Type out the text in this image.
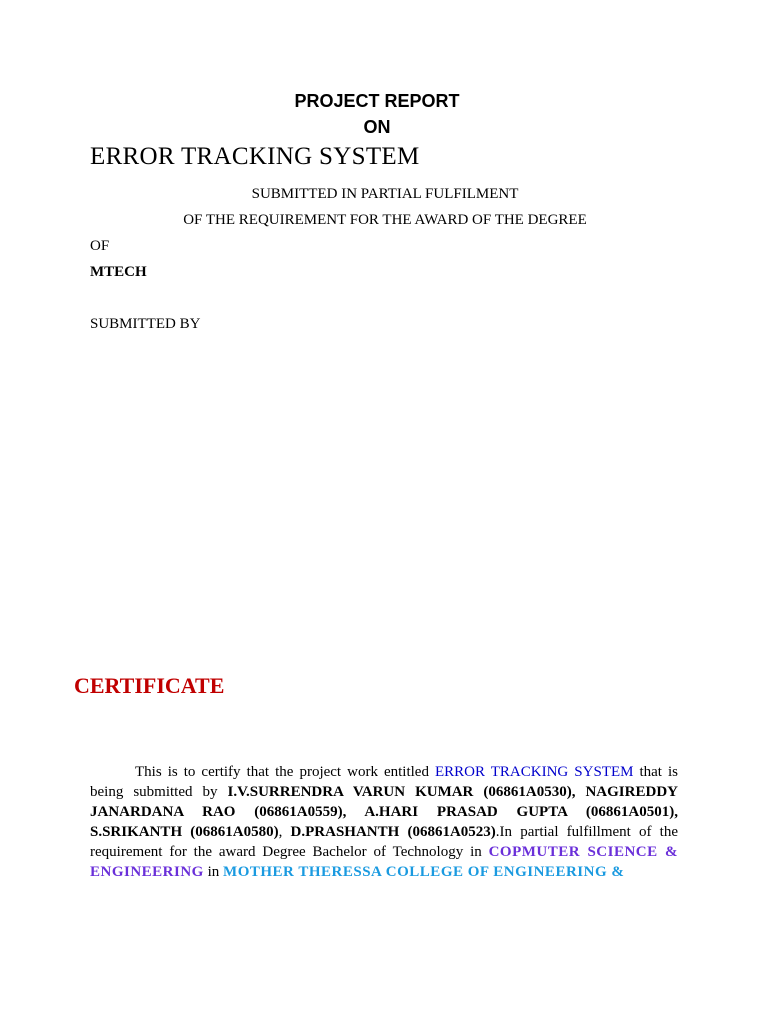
PROJECT REPORT
ON
ERROR TRACKING SYSTEM
SUBMITTED IN PARTIAL FULFILMENT
OF THE REQUIREMENT FOR THE AWARD OF THE DEGREE
OF
MTECH
SUBMITTED BY
CERTIFICATE
This is to certify that the project work entitled ERROR TRACKING SYSTEM that is being submitted by I.V.SURRENDRA VARUN KUMAR (06861A0530), NAGIREDDY JANARDANA RAO (06861A0559), A.HARI PRASAD GUPTA (06861A0501), S.SRIKANTH (06861A0580), D.PRASHANTH (06861A0523).In partial fulfillment of the requirement for the award Degree Bachelor of Technology in COPMUTER SCIENCE & ENGINEERING in MOTHER THERESSA COLLEGE OF ENGINEERING &
